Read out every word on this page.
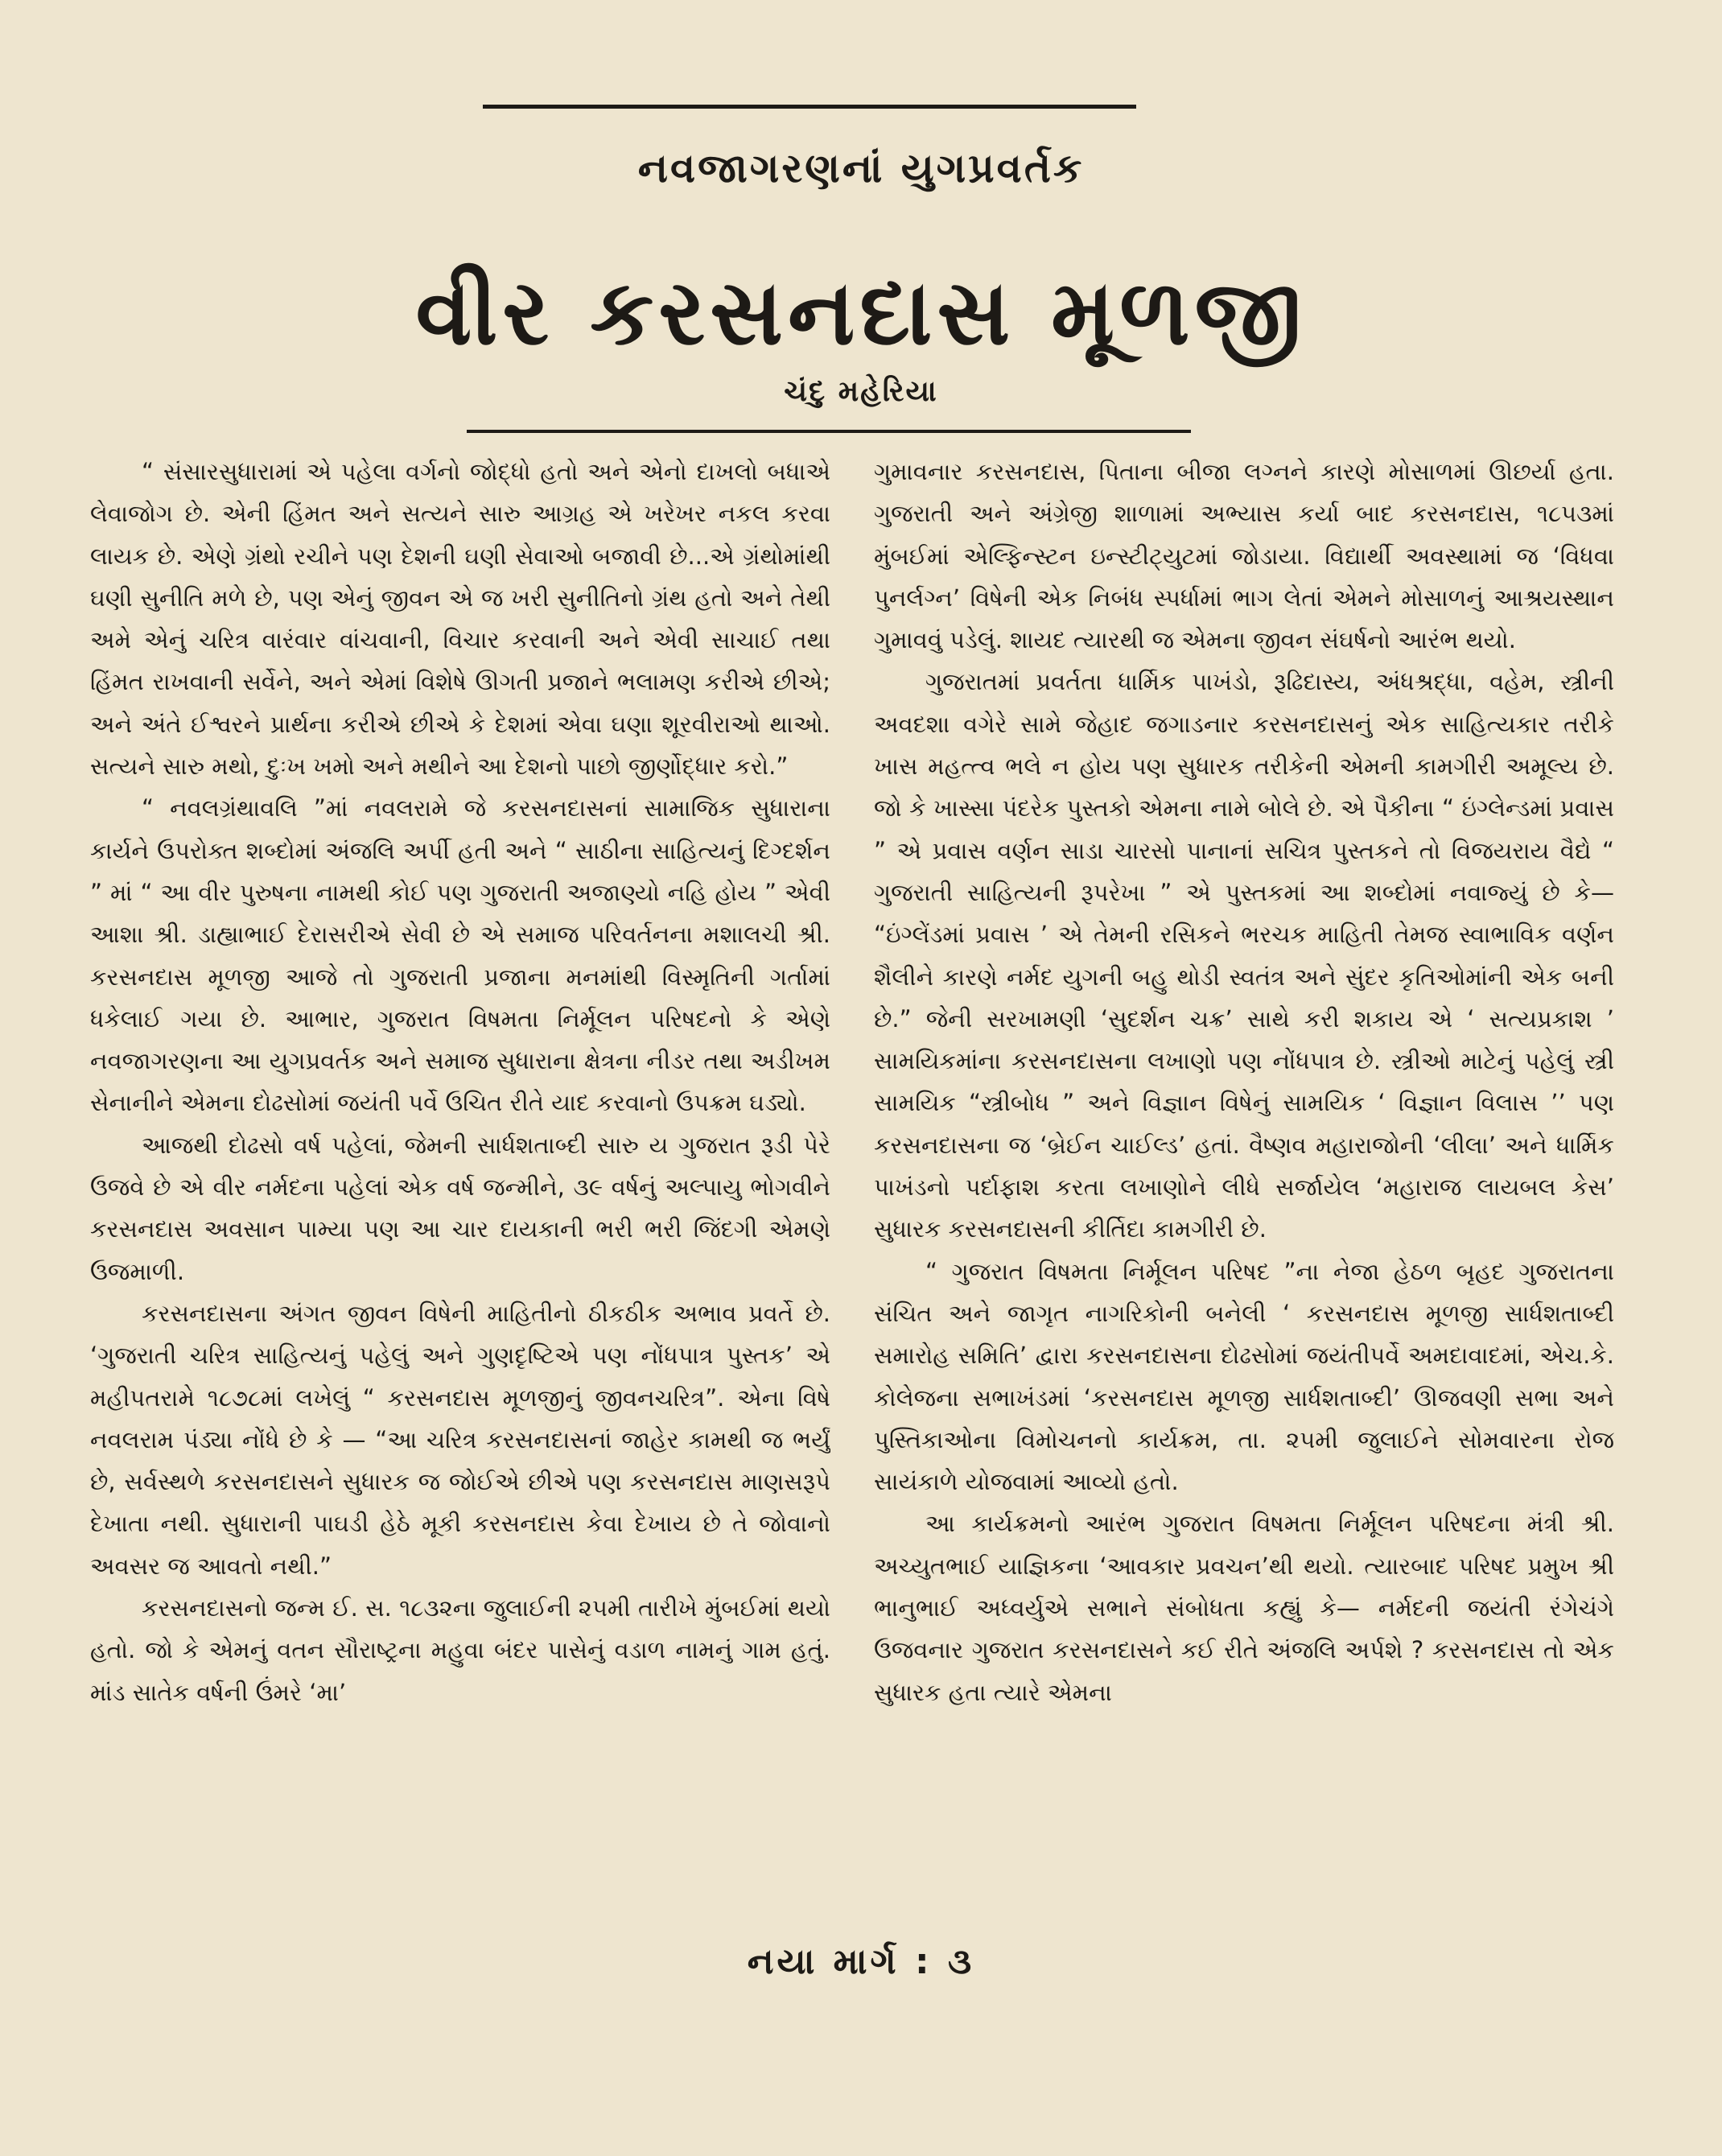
નવજાગરણનાં યુગપ્રવર્તક
વીર કરસનદાસ મૂળજી
ચંદુ મહેરિયા

“ સંસારસુધારામાં એ પહેલા વર્ગનો જોદ્ધો હતો અને એનો દાખલો બધાએ લેવાજોગ છે. એની હિંમત અને સત્યને સારુ આગ્રહ એ ખરેખર નકલ કરવા લાયક છે. એણે ગ્રંથો રચીને પણ દેશની ઘણી સેવાઓ બજાવી છે...એ ગ્રંથોમાંથી ઘણી સુનીતિ મળે છે, પણ એનું જીવન એ જ ખરી સુનીતિનો ગ્રંથ હતો અને તેથી અમે એનું ચરિત્ર વારંવાર વાંચવાની, વિચાર કરવાની અને એવી સાચાઈ તથા હિંમત રાખવાની સર્વેને, અને એમાં વિશેષે ઊગતી પ્રજાને ભલામણ કરીએ છીએ; અને અંતે ઈશ્વરને પ્રાર્થના કરીએ છીએ કે દેશમાં એવા ઘણા શૂરવીરાઓ થાઓ. સત્યને સારુ મથો, દુઃખ ખમો અને મથીને આ દેશનો પાછો જીર્ણોદ્ધાર કરો.”

“ નવલગ્રંથાવલિ ”માં નવલરામે જે કરસનદાસનાં સામાજિક સુધારાના કાર્યને ઉપરોક્ત શબ્દોમાં અંજલિ અર્પી હતી અને “ સાઠીના સાહિત્યનું દિગ્દર્શન ” માં “ આ વીર પુરુષના નામથી કોઈ પણ ગુજરાતી અજાણ્યો નહિ હોય ” એવી આશા શ્રી. ડાહ્યાભાઈ દેરાસરીએ સેવી છે એ સમાજ પરિવર્તનના મશાલચી શ્રી. કરસનદાસ મૂળજી આજે તો ગુજરાતી પ્રજાના મનમાંથી વિસ્મૃતિની ગર્તામાં ધકેલાઈ ગયા છે. આભાર, ગુજરાત વિષમતા નિર્મૂલન પરિષદનો કે એણે નવજાગરણના આ યુગપ્રવર્તક અને સમાજ સુધારાના ક્ષેત્રના નીડર તથા અડીખમ સેનાનીને એમના દોઢસોમાં જયંતી પર્વે ઉચિત રીતે યાદ કરવાનો ઉપક્રમ ઘડ્યો.

આજથી દોઢસો વર્ષ પહેલાં, જેમની સાર્ધશતાબ્દી સારુ ય ગુજરાત રૂડી પેરે ઉજવે છે એ વીર નર્મદના પહેલાં એક વર્ષ જન્મીને, ૩૯ વર્ષનું અલ્પાયુ ભોગવીને કરસનદાસ અવસાન પામ્યા પણ આ ચાર દાયકાની ભરી ભરી જિંદગી એમણે ઉજમાળી.

કરસનદાસના અંગત જીવન વિષેની માહિતીનો ઠીકઠીક અભાવ પ્રવર્તે છે. ‘ગુજરાતી ચરિત્ર સાહિત્યનું પહેલું અને ગુણદૃષ્ટિએ પણ નોંધપાત્ર પુસ્તક’ એ મહીપતરામે ૧૮૭૮માં લખેલું “ કરસનદાસ મૂળજીનું જીવનચરિત્ર”. એના વિષે નવલરામ પંડ્યા નોંધે છે કે — “આ ચરિત્ર કરસનદાસનાં જાહેર કામથી જ ભર્યું છે, સર્વસ્થળે કરસનદાસને સુધારક જ જોઈએ છીએ પણ કરસનદાસ માણસરૂપે દેખાતા નથી. સુધારાની પાઘડી હેઠે મૂકી કરસનદાસ કેવા દેખાય છે તે જોવાનો અવસર જ આવતો નથી.”

કરસનદાસનો જન્મ ઈ. સ. ૧૮૩૨ના જુલાઈની ૨૫મી તારીખે મુંબઈમાં થયો હતો. જો કે એમનું વતન સૌરાષ્ટ્રના મહુવા બંદર પાસેનું વડાળ નામનું ગામ હતું. માંડ સાતેક વર્ષની ઉંમરે ‘મા’

ગુમાવનાર કરસનદાસ, પિતાના બીજા લગ્નને કારણે મોસાળમાં ઊછર્યા હતા. ગુજરાતી અને અંગ્રેજી શાળામાં અભ્યાસ કર્યા બાદ કરસનદાસ, ૧૮૫૩માં મુંબઈમાં એલ્ફિન્સ્ટન ઇન્સ્ટીટ્યુટમાં જોડાયા. વિદ્યાર્થી અવસ્થામાં જ ‘વિધવા પુનર્લગ્ન’ વિષેની એક નિબંધ સ્પર્ધામાં ભાગ લેતાં એમને મોસાળનું આશ્રયસ્થાન ગુમાવવું પડેલું. શાયદ ત્યારથી જ એમના જીવન સંઘર્ષનો આરંભ થયો.

ગુજરાતમાં પ્રવર્તતા ધાર્મિક પાખંડો, રૂઢિદાસ્ય, અંધશ્રદ્ધા, વહેમ, સ્ત્રીની અવદશા વગેરે સામે જેહાદ જગાડનાર કરસનદાસનું એક સાહિત્યકાર તરીકે ખાસ મહત્ત્વ ભલે ન હોય પણ સુધારક તરીકેની એમની કામગીરી અમૂલ્ય છે. જો કે ખાસ્સા પંદરેક પુસ્તકો એમના નામે બોલે છે. એ પૈકીના “ ઇંગ્લેન્ડમાં પ્રવાસ ” એ પ્રવાસ વર્ણન સાડા ચારસો પાનાનાં સચિત્ર પુસ્તકને તો વિજયરાય વૈદ્યે “ ગુજરાતી સાહિત્યની રૂપરેખા ” એ પુસ્તકમાં આ શબ્દોમાં નવાજ્યું છે કે— “ઇંગ્લેંડમાં પ્રવાસ ’ એ તેમની રસિકને ભરચક માહિતી તેમજ સ્વાભાવિક વર્ણન શૈલીને કારણે નર્મદ યુગની બહુ થોડી સ્વતંત્ર અને સુંદર કૃતિઓમાંની એક બની છે.” જેની સરખામણી ‘સુદર્શન ચક્ર’ સાથે કરી શકાય એ ‘ સત્યપ્રકાશ ’ સામયિકમાંના કરસનદાસના લખાણો પણ નોંધપાત્ર છે. સ્ત્રીઓ માટેનું પહેલું સ્ત્રી સામયિક “સ્ત્રીબોધ ” અને વિજ્ઞાન વિષેનું સામયિક ‘ વિજ્ઞાન વિલાસ ’’ પણ કરસનદાસના જ ‘બ્રેઈન ચાઈલ્ડ’ હતાં. વૈષ્ણવ મહારાજોની ‘લીલા’ અને ધાર્મિક પાખંડનો પર્દાફાશ કરતા લખાણોને લીધે સર્જાયેલ ‘મહારાજ લાયબલ કેસ’ સુધારક કરસનદાસની કીર્તિદા કામગીરી છે.

“ ગુજરાત વિષમતા નિર્મૂલન પરિષદ ”ના નેજા હેઠળ બૃહદ ગુજરાતના સંચિત અને જાગૃત નાગરિકોની બનેલી ‘ કરસનદાસ મૂળજી સાર્ધશતાબ્દી સમારોહ સમિતિ’ દ્વારા કરસનદાસના દોઢસોમાં જયંતીપર્વે અમદાવાદમાં, એચ.કે. કોલેજના સભાખંડમાં ‘કરસનદાસ મૂળજી સાર્ધશતાબ્દી’ ઊજવણી સભા અને પુસ્તિકાઓના વિમોચનનો કાર્યક્રમ, તા. ૨૫મી જુલાઈને સોમવારના રોજ સાયંકાળે યોજવામાં આવ્યો હતો.

આ કાર્યક્રમનો આરંભ ગુજરાત વિષમતા નિર્મૂલન પરિષદના મંત્રી શ્રી. અચ્યુતભાઈ યાજ્ઞિકના ‘આવકાર પ્રવચન’થી થયો. ત્યારબાદ પરિષદ પ્રમુખ શ્રી ભાનુભાઈ અધ્વર્યુએ સભાને સંબોધતા કહ્યું કે— નર્મદની જયંતી રંગેચંગે ઉજવનાર ગુજરાત કરસનદાસને કઈ રીતે અંજલિ અર્પશે ? કરસનદાસ તો એક સુધારક હતા ત્યારે એમના

નયા માર્ગ : ૩
